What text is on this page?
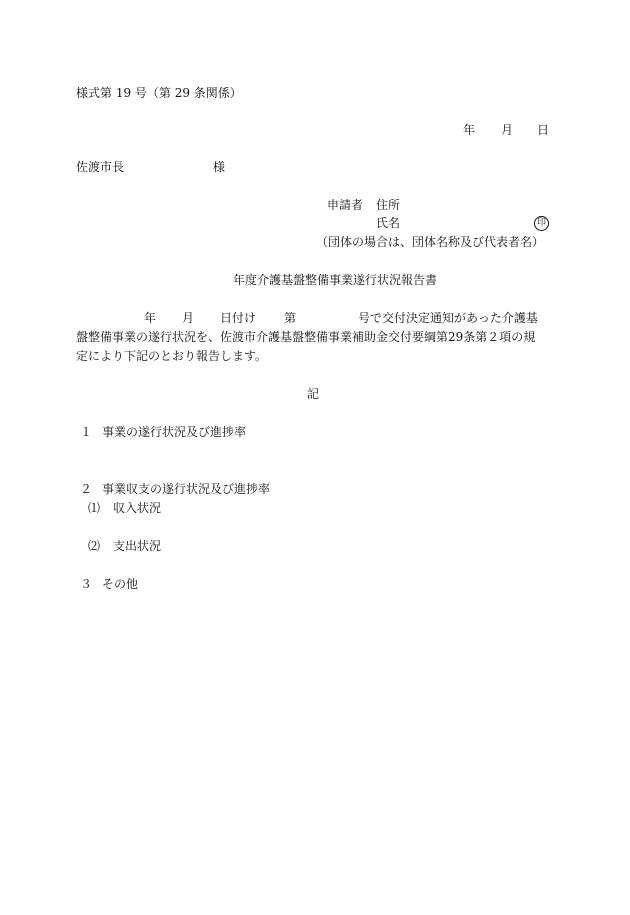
様式第 19 号（第 29 条関係）
年 月 日
佐渡市長	様
申請者 住所
氏名	印
（団体の場合は、団体名称及び代表者名）
年度介護基盤整備事業遂行状況報告書
年 月 日付け 第	号で交付決定通知があった介護基
盤整備事業の遂行状況を、佐渡市介護基盤整備事業補助金交付要綱第29条第２項の規
定により下記のとおり報告します。
記
１ 事業の遂行状況及び進捗率
２ 事業収支の遂行状況及び進捗率
⑴ 収入状況
⑵ 支出状況
３ その他
